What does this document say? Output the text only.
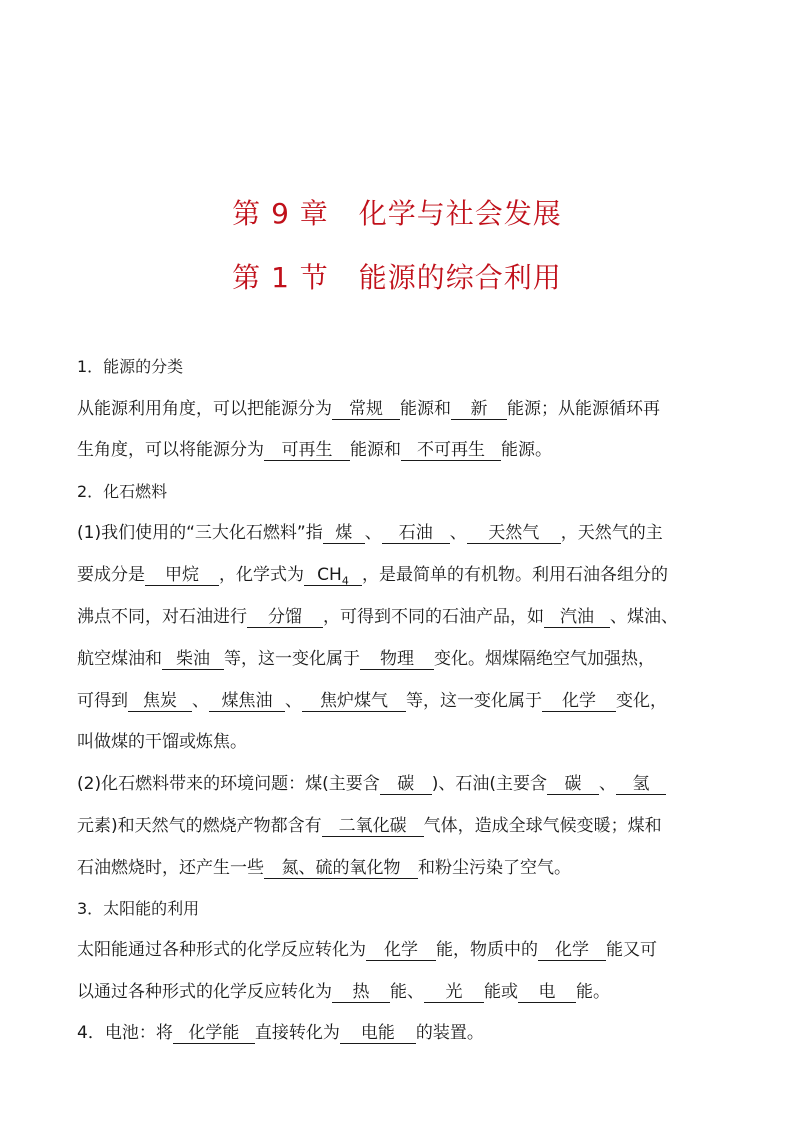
第 9 章 化学与社会发展
第 1 节 能源的综合利用
1．能源的分类
从能源利用角度，可以把能源分为 常规 能源和 新 能源；从能源循环再
生角度，可以将能源分为 可再生 能源和 不可再生 能源。
2．化石燃料
(1)我们使用的“三大化石燃料”指 煤 、 石油 、 天然气 ，天然气的主
要成分是 甲烷 ，化学式为 $CH_4$ ，是最简单的有机物。利用石油各组分的
沸点不同，对石油进行 分馏 ，可得到不同的石油产品，如 汽油 、煤油、
航空煤油和 柴油 等，这一变化属于 物理 变化。烟煤隔绝空气加强热，
可得到 焦炭 、 煤焦油 、 焦炉煤气 等，这一变化属于 化学 变化，
叫做煤的干馏或炼焦。
(2)化石燃料带来的环境问题：煤(主要含 碳 )、石油(主要含 碳 、 氢
元素)和天然气的燃烧产物都含有 二氧化碳 气体，造成全球气候变暖；煤和
石油燃烧时，还产生一些 氮、硫的氧化物 和粉尘污染了空气。
3．太阳能的利用
太阳能通过各种形式的化学反应转化为 化学 能，物质中的 化学 能又可
以通过各种形式的化学反应转化为 热 能、 光 能或 电 能。
4．电池：将 化学能 直接转化为 电能 的装置。
